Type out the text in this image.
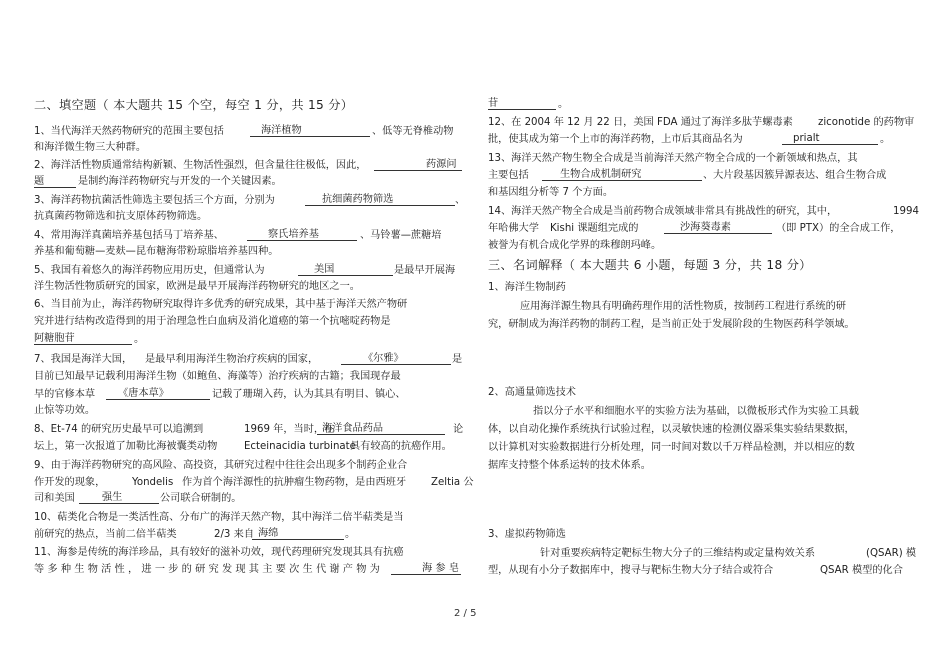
二、填空题（ 本大题共 15 个空，每空 1 分，共 15 分）
1、当代海洋天然药物研究的范围主要包括	海洋植物	、低等无脊椎动物
和海洋微生物三大种群。
2、海洋活性物质通常结构新颖、生物活性强烈，但含量往往极低，因此，	药源问
题	是制约海洋药物研究与开发的一个关键因素。
3、海洋药物抗菌活性筛选主要包括三个方面，分别为	抗细菌药物筛选	、
抗真菌药物筛选和抗支原体药物筛选。
4、常用海洋真菌培养基包括马丁培养基、	察氏培养基	、马铃薯—蔗糖培
养基和葡萄糖—麦麸—昆布糖海带粉琼脂培养基四种。
5、我国有着悠久的海洋药物应用历史，但通常认为	美国	是最早开展海
洋生物活性物质研究的国家，欧洲是最早开展海洋药物研究的地区之一。
6、当目前为止，海洋药物研究取得许多优秀的研究成果，其中基于海洋天然产物研
究并进行结构改造得到的用于治理急性白血病及消化道癌的第一个抗嘧啶药物是
阿糖胞苷	。
7、我国是海洋大国， 是最早利用海洋生物治疗疾病的国家，	《尔雅》	是
目前已知最早记载利用海洋生物（如鲍鱼、海藻等）治疗疾病的古籍；我国现存最
早的官修本草 《唐本草》	记载了珊瑚入药，认为其具有明目、镇心、
止惊等功效。
8、Et-74 的研究历史最早可以追溯到	1969 年，当时，在
海洋食品药品	论
坛上，第一次报道了加勒比海被囊类动物	Ecteinacidia turbinate
具有较高的抗癌作用。
9、由于海洋药物研究的高风险、高投资，其研究过程中往往会出现多个制药企业合
作开发的现象，	Yondelis 作为首个海洋源性的抗肿瘤生物药物，是由西班牙 Zeltia 公
司和美国	强生	公司联合研制的。
10、萜类化合物是一类活性高、分布广的海洋天然产物，其中海洋二倍半萜类是当
前研究的热点，当前二倍半萜类	2/3 来自 海绵	。
11、海参是传统的海洋珍品，具有较好的滋补功效，现代药理研究发现其具有抗癌
等 多 种 生 物 活 性 ， 进 一 步 的 研 究 发 现 其 主 要 次 生 代 谢 产 物 为	海 参 皂
苷	。
12、在 2004 年 12 月 22 日，美国 FDA 通过了海洋多肽芋螺毒素 ziconotide 的药物审
批，使其成为第一个上市的海洋药物，上市后其商品名为	prialt	。
13、海洋天然产物生物全合成是当前海洋天然产物全合成的一个新领域和热点，其
主要包括	生物合成机制研究	、大片段基因簇异源表达、组合生物合成
和基因组分析等 7 个方面。
14、海洋天然产物全合成是当前药物合成领域非常具有挑战性的研究，其中，	1994
年哈佛大学 Kishi 课题组完成的	沙海葵毒素	（即 PTX）的全合成工作，
被誉为有机合成化学界的珠穆朗玛峰。
三、名词解释（ 本大题共 6 小题，每题 3 分，共 18 分）
1、海洋生物制药
应用海洋源生物具有明确药理作用的活性物质，按制药工程进行系统的研
究，研制成为海洋药物的制药工程，是当前正处于发展阶段的生物医药科学领域。
2、高通量筛选技术
指以分子水平和细胞水平的实验方法为基础，以微板形式作为实验工具载
体，以自动化操作系统执行试验过程，以灵敏快速的检测仪器采集实验结果数据，
以计算机对实验数据进行分析处理，同一时间对数以千万样品检测，并以相应的数
据库支持整个体系运转的技术体系。
3、虚拟药物筛选
针对重要疾病特定靶标生物大分子的三维结构或定量构效关系	(QSAR) 模
型，从现有小分子数据库中，搜寻与靶标生物大分子结合或符合	QSAR 模型的化合
2 / 5
